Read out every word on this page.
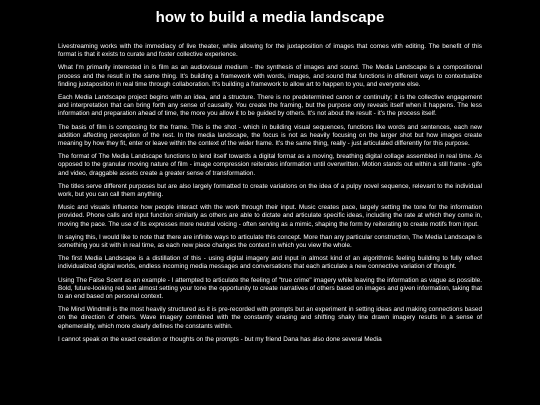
how to build a media landscape

Livestreaming works with the immediacy of live theater, while allowing for the juxtaposition of images that comes with editing. The benefit of this format is that it exists to curate and foster collective experience.

What I'm primarily interested in is film as an audiovisual medium - the synthesis of images and sound. The Media Landscape is a compositional process and the result in the same thing. It's building a framework with words, images, and sound that functions in different ways to contextualize finding juxtaposition in real time through collaboration. It's building a framework to allow art to happen to you, and everyone else.

Each Media Landscape project begins with an idea, and a structure. There is no predetermined canon or continuity; it is the collective engagement and interpretation that can bring forth any sense of causality. You create the framing, but the purpose only reveals itself when it happens. The less information and preparation ahead of time, the more you allow it to be guided by others. It's not about the result - it's the process itself.

The basis of film is composing for the frame. This is the shot - which in building visual sequences, functions like words and sentences, each new addition affecting perception of the rest. In the media landscape, the focus is not as heavily focusing on the larger shot but how images create meaning by how they fit, enter or leave within the context of the wider frame. It's the same thing, really - just articulated differently for this purpose.

The format of The Media Landscape functions to lend itself towards a digital format as a moving, breathing digital collage assembled in real time. As opposed to the granular moving nature of film - image compression reiterates information until overwritten. Motion stands out within a still frame - gifs and video, draggable assets create a greater sense of transformation.

The titles serve different purposes but are also largely formatted to create variations on the idea of a pulpy novel sequence, relevant to the individual work, but you can call them anything.

Music and visuals influence how people interact with the work through their input. Music creates pace, largely setting the tone for the information provided. Phone calls and input function similarly as others are able to dictate and articulate specific ideas, including the rate at which they come in, moving the pace. The use of its expresses more neutral voicing - often serving as a mimic, shaping the form by reiterating to create motifs from input.

In saying this, I would like to note that there are infinite ways to articulate this concept. More than any particular construction, The Media Landscape is something you sit with in real time, as each new piece changes the context in which you view the whole.

The first Media Landscape is a distillation of this - using digital imagery and input in almost kind of an algorithmic feeling building to fully reflect individualized digital worlds, endless incoming media messages and conversations that each articulate a new connective variation of thought.

Using The False Scent as an example - I attempted to articulate the feeling of "true crime" imagery while leaving the information as vague as possible. Bold, future-looking red text almost setting your tone the opportunity to create narratives of others based on images and given information, taking that to an end based on personal context.

The Mind Windmill is the most heavily structured as it is pre-recorded with prompts but an experiment in setting ideas and making connections based on the direction of others. Wave imagery combined with the constantly erasing and shifting shaky line drawn imagery results in a sense of ephemerality, which more clearly defines the constants within.

I cannot speak on the exact creation or thoughts on the prompts - but my friend Dana has also done several Media
